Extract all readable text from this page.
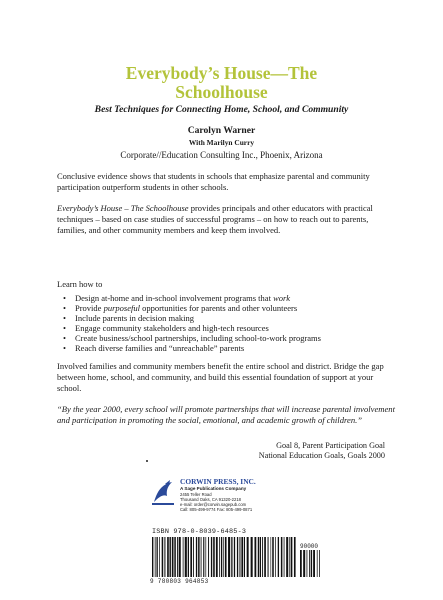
Everybody’s House—The
Schoolhouse
Best Techniques for Connecting Home, School, and Community
Carolyn Warner
With Marilyn Curry
Corporate//Education Consulting Inc., Phoenix, Arizona

Conclusive evidence shows that students in schools that emphasize parental and community participation outperform students in other schools.

Everybody’s House – The Schoolhouse provides principals and other educators with practical techniques – based on case studies of successful programs – on how to reach out to parents, families, and other community members and keep them involved.

Learn how to

• Design at-home and in-school involvement programs that work
• Provide purposeful opportunities for parents and other volunteers
• Include parents in decision making
• Engage community stakeholders and high-tech resources
• Create business/school partnerships, including school-to-work programs
• Reach diverse families and “unreachable” parents

Involved families and community members benefit the entire school and district. Bridge the gap between home, school, and community, and build this essential foundation of support at your school.

“By the year 2000, every school will promote partnerships that will increase parental involvement and participation in promoting the social, emotional, and academic growth of children.”

Goal 8, Parent Participation Goal
National Education Goals, Goals 2000
CORWIN PRESS, INC.
A Sage Publications Company
2455 Teller Road
Thousand Oaks, CA 91320-2218
e-mail: order@corwin.sagepub.com
Call: 805-499-9774 Fax: 805-499-0871
ISBN 978-0-8039-6485-3
90000
9 780803 964853
